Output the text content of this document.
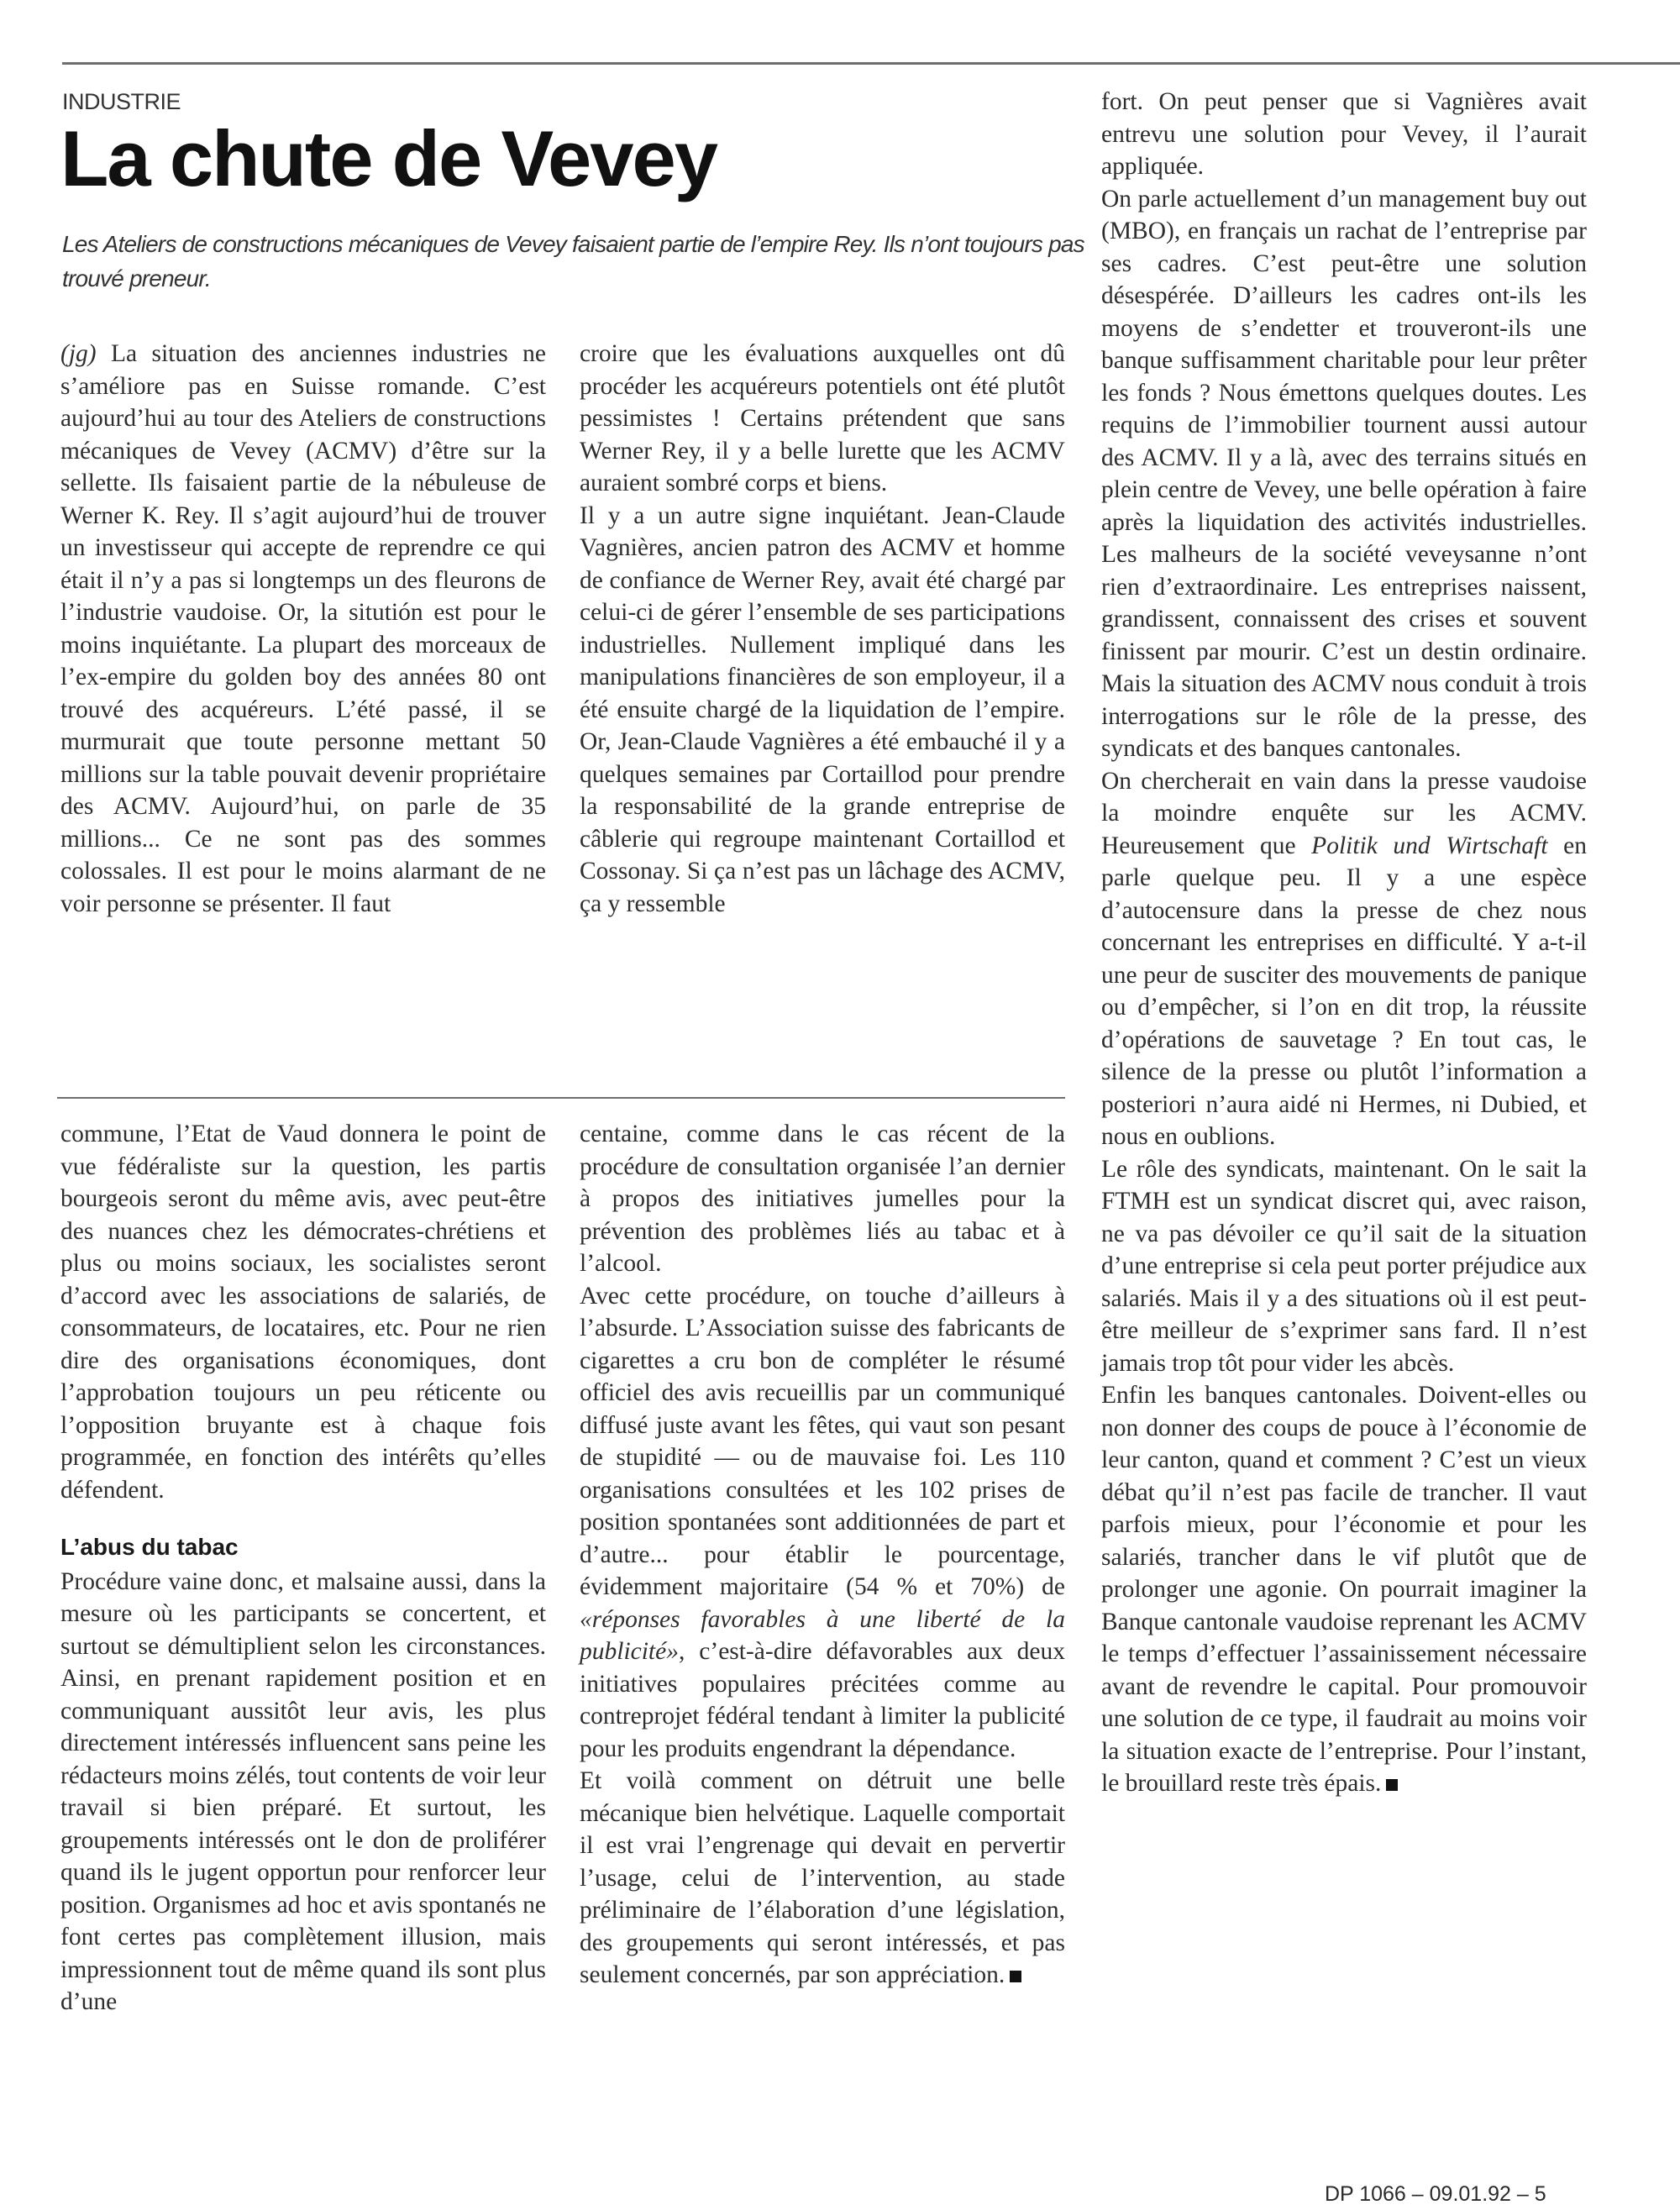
INDUSTRIE
La chute de Vevey
Les Ateliers de constructions mécaniques de Vevey faisaient partie de l’empire Rey. Ils n’ont toujours pas trouvé preneur.

(jg) La situation des anciennes industries ne s’améliore pas en Suisse romande. C’est aujourd’hui au tour des Ateliers de constructions mécaniques de Vevey (ACMV) d’être sur la sellette. Ils faisaient partie de la nébuleuse de Werner K. Rey. Il s’agit aujourd’hui de trouver un investisseur qui accepte de reprendre ce qui était il n’y a pas si longtemps un des fleurons de l’industrie vaudoise. Or, la situtión est pour le moins inquiétante. La plupart des morceaux de l’ex-empire du golden boy des années 80 ont trouvé des acquéreurs. L’été passé, il se murmurait que toute personne mettant 50 millions sur la table pouvait devenir propriétaire des ACMV. Aujourd’hui, on parle de 35 millions... Ce ne sont pas des sommes colossales. Il est pour le moins alarmant de ne voir personne se présenter. Il faut

croire que les évaluations auxquelles ont dû procéder les acquéreurs potentiels ont été plutôt pessimistes ! Certains prétendent que sans Werner Rey, il y a belle lurette que les ACMV auraient sombré corps et biens.

Il y a un autre signe inquiétant. Jean-Claude Vagnières, ancien patron des ACMV et homme de confiance de Werner Rey, avait été chargé par celui-ci de gérer l’ensemble de ses participations industrielles. Nullement impliqué dans les manipulations financières de son employeur, il a été ensuite chargé de la liquidation de l’empire. Or, Jean-Claude Vagnières a été embauché il y a quelques semaines par Cortaillod pour prendre la responsabilité de la grande entreprise de câblerie qui regroupe maintenant Cortaillod et Cossonay. Si ça n’est pas un lâchage des ACMV, ça y ressemble

fort. On peut penser que si Vagnières avait entrevu une solution pour Vevey, il l’aurait appliquée.

On parle actuellement d’un management buy out (MBO), en français un rachat de l’entreprise par ses cadres. C’est peut-être une solution désespérée. D’ailleurs les cadres ont-ils les moyens de s’endetter et trouveront-ils une banque suffisamment charitable pour leur prêter les fonds ? Nous émettons quelques doutes. Les requins de l’immobilier tournent aussi autour des ACMV. Il y a là, avec des terrains situés en plein centre de Vevey, une belle opération à faire après la liquidation des activités industrielles. Les malheurs de la société veveysanne n’ont rien d’extraordinaire. Les entreprises naissent, grandissent, connaissent des crises et souvent finissent par mourir. C’est un destin ordinaire. Mais la situation des ACMV nous conduit à trois interrogations sur le rôle de la presse, des syndicats et des banques cantonales.

On chercherait en vain dans la presse vaudoise la moindre enquête sur les ACMV. Heureusement que Politik und Wirtschaft en parle quelque peu. Il y a une espèce d’autocensure dans la presse de chez nous concernant les entreprises en difficulté. Y a-t-il une peur de susciter des mouvements de panique ou d’empêcher, si l’on en dit trop, la réussite d’opérations de sauvetage ? En tout cas, le silence de la presse ou plutôt l’information a posteriori n’aura aidé ni Hermes, ni Dubied, et nous en oublions.

Le rôle des syndicats, maintenant. On le sait la FTMH est un syndicat discret qui, avec raison, ne va pas dévoiler ce qu’il sait de la situation d’une entreprise si cela peut porter préjudice aux salariés. Mais il y a des situations où il est peut-être meilleur de s’exprimer sans fard. Il n’est jamais trop tôt pour vider les abcès.

Enfin les banques cantonales. Doivent-elles ou non donner des coups de pouce à l’économie de leur canton, quand et comment ? C’est un vieux débat qu’il n’est pas facile de trancher. Il vaut parfois mieux, pour l’économie et pour les salariés, trancher dans le vif plutôt que de prolonger une agonie. On pourrait imaginer la Banque cantonale vaudoise reprenant les ACMV le temps d’effectuer l’assainissement nécessaire avant de revendre le capital. Pour promouvoir une solution de ce type, il faudrait au moins voir la situation exacte de l’entreprise. Pour l’instant, le brouillard reste très épais.

commune, l’Etat de Vaud donnera le point de vue fédéraliste sur la question, les partis bourgeois seront du même avis, avec peut-être des nuances chez les démocrates-chrétiens et plus ou moins sociaux, les socialistes seront d’accord avec les associations de salariés, de consommateurs, de locataires, etc. Pour ne rien dire des organisations économiques, dont l’approbation toujours un peu réticente ou l’opposition bruyante est à chaque fois programmée, en fonction des intérêts qu’elles défendent.

L’abus du tabac

Procédure vaine donc, et malsaine aussi, dans la mesure où les participants se concertent, et surtout se démultiplient selon les circonstances. Ainsi, en prenant rapidement position et en communiquant aussitôt leur avis, les plus directement intéressés influencent sans peine les rédacteurs moins zélés, tout contents de voir leur travail si bien préparé. Et surtout, les groupements intéressés ont le don de proliférer quand ils le jugent opportun pour renforcer leur position. Organismes ad hoc et avis spontanés ne font certes pas complètement illusion, mais impressionnent tout de même quand ils sont plus d’une

centaine, comme dans le cas récent de la procédure de consultation organisée l’an dernier à propos des initiatives jumelles pour la prévention des problèmes liés au tabac et à l’alcool.

Avec cette procédure, on touche d’ailleurs à l’absurde. L’Association suisse des fabricants de cigarettes a cru bon de compléter le résumé officiel des avis recueillis par un communiqué diffusé juste avant les fêtes, qui vaut son pesant de stupidité — ou de mauvaise foi. Les 110 organisations consultées et les 102 prises de position spontanées sont additionnées de part et d’autre... pour établir le pourcentage, évidemment majoritaire (54 % et 70%) de «réponses favorables à une liberté de la publicité», c’est-à-dire défavorables aux deux initiatives populaires précitées comme au contreprojet fédéral tendant à limiter la publicité pour les produits engendrant la dépendance.

Et voilà comment on détruit une belle mécanique bien helvétique. Laquelle comportait il est vrai l’engrenage qui devait en pervertir l’usage, celui de l’intervention, au stade préliminaire de l’élaboration d’une législation, des groupements qui seront intéressés, et pas seulement concernés, par son appréciation.

DP 1066 – 09.01.92 – 5
